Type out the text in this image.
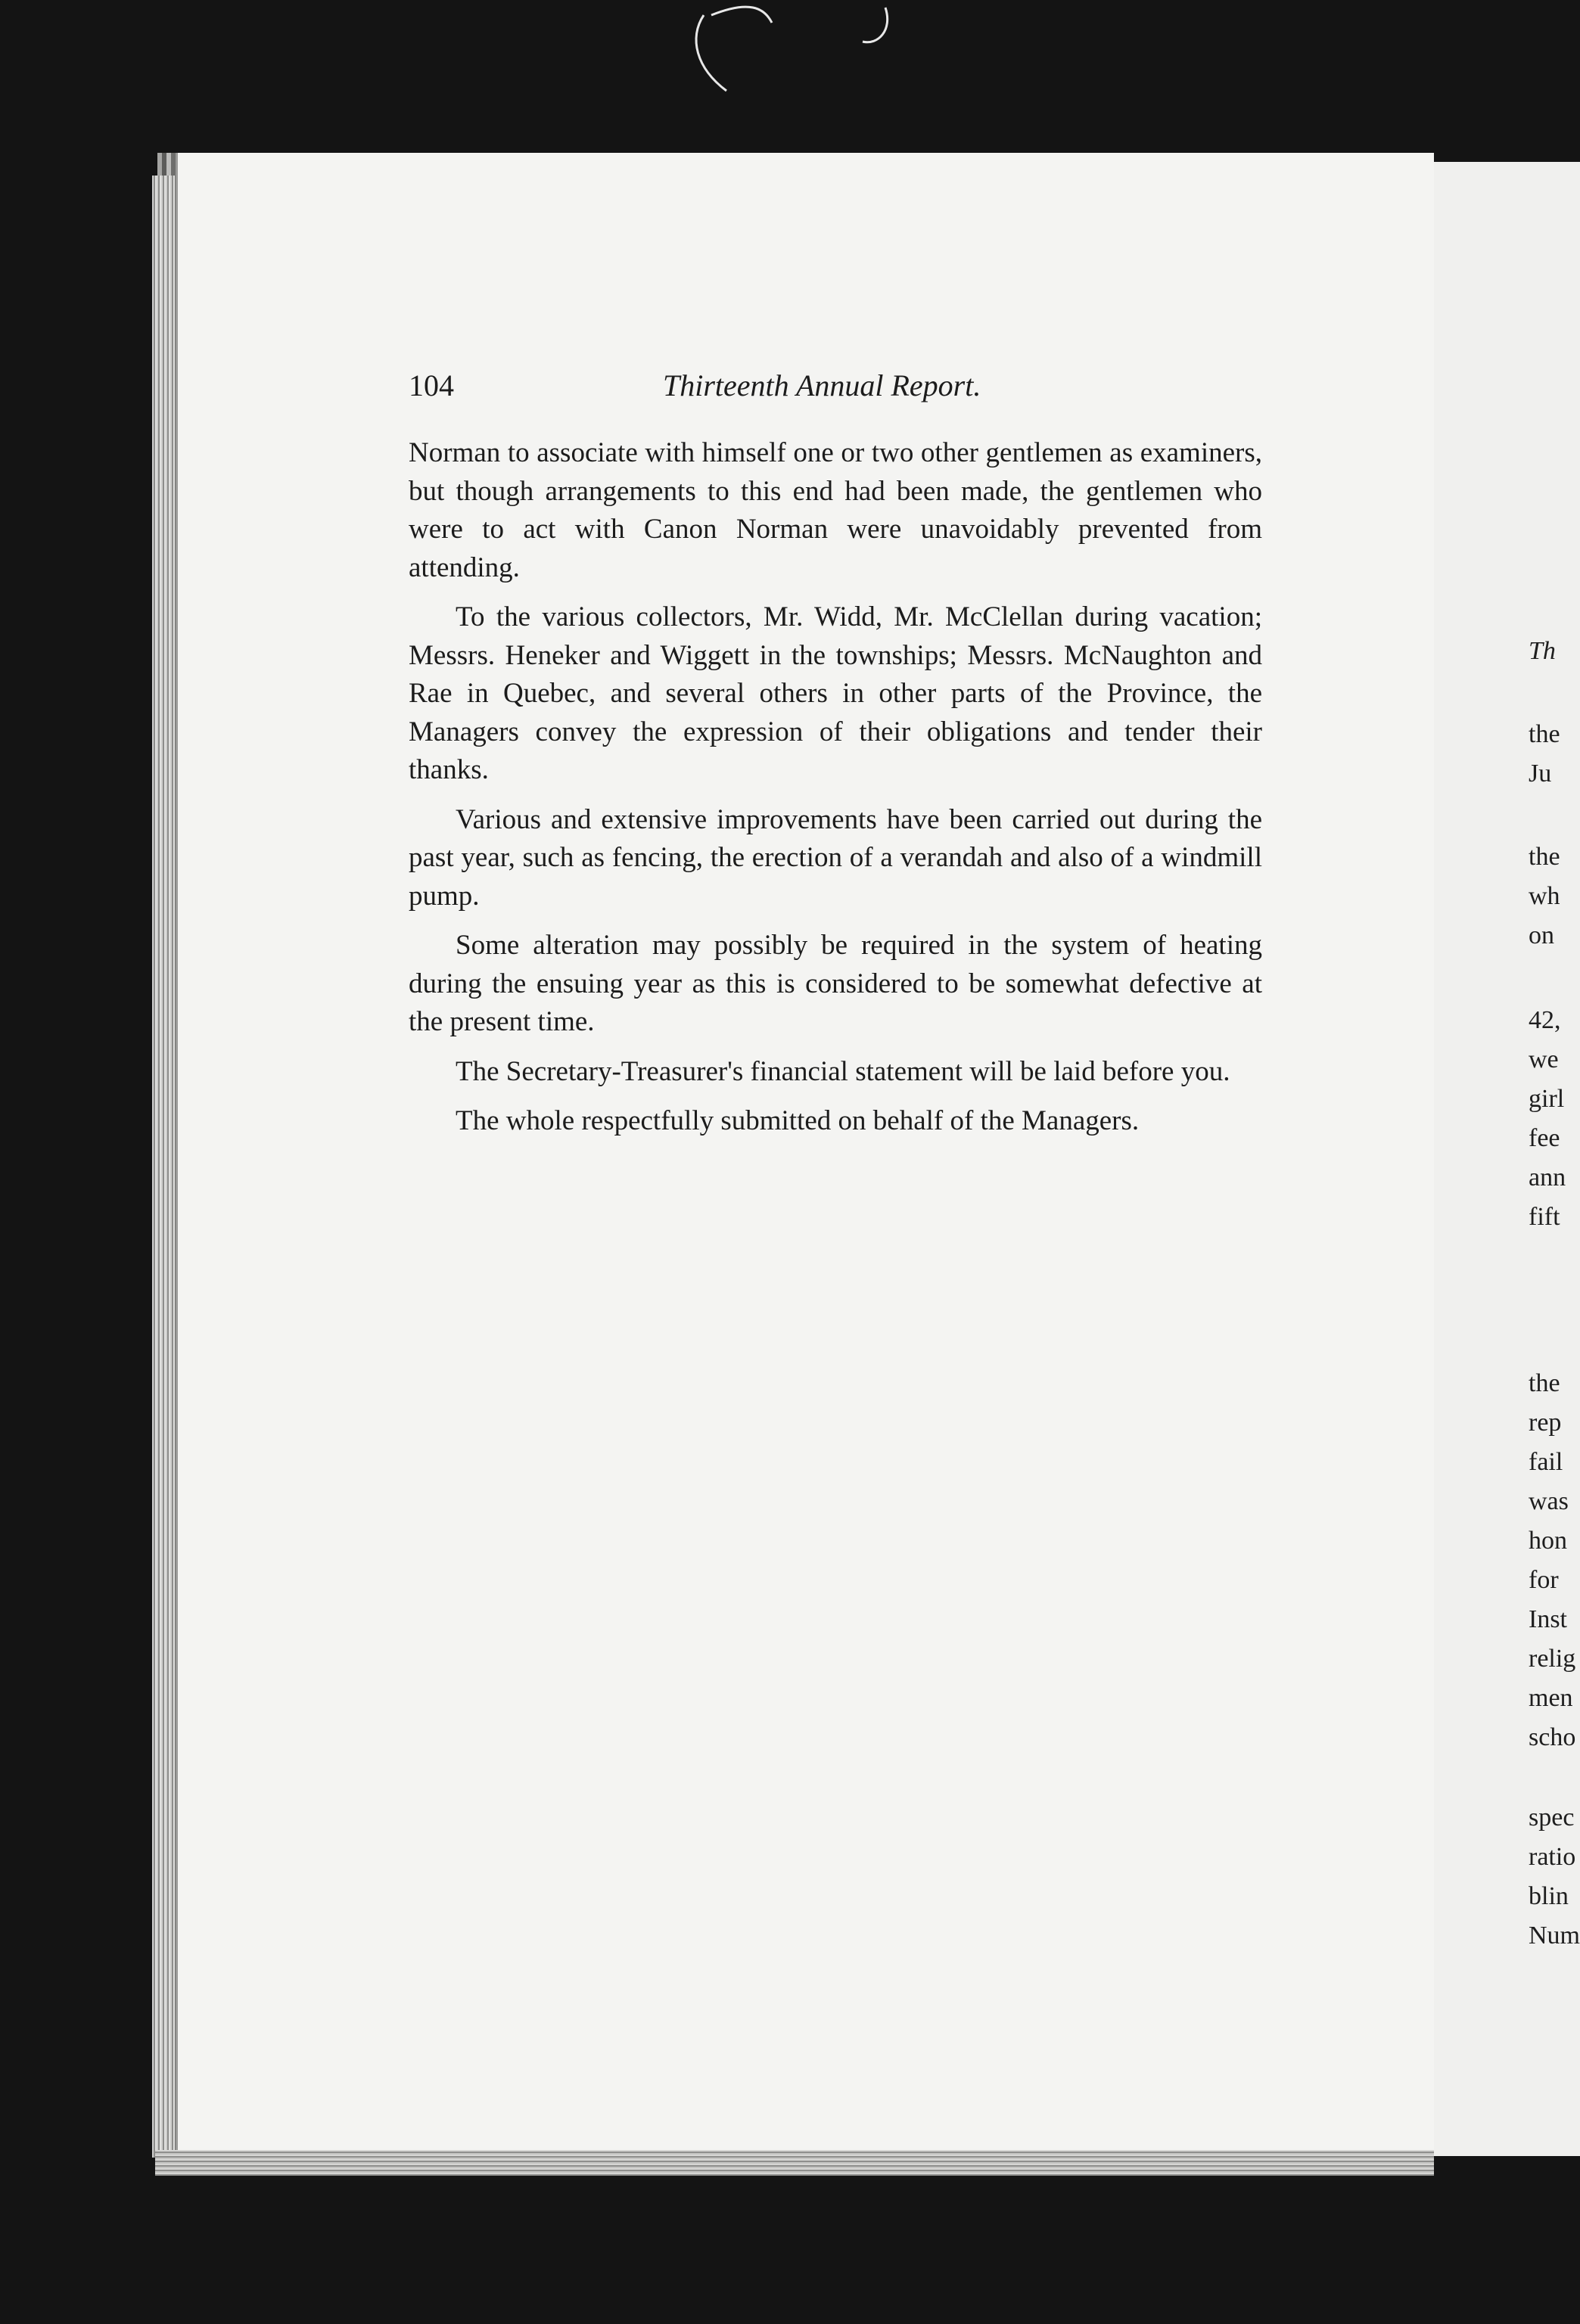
Th
the
Ju
the
wh
on
42,
we
girl
fee
ann
fift
the
rep
fail
was
hon
for
Inst
relig
men
scho
spec
ratio
blin
Num
104	Thirteenth Annual Report.

Norman to associate with himself one or two other gentlemen as examiners, but though arrangements to this end had been made, the gentlemen who were to act with Canon Norman were unavoidably prevented from attending.

To the various collectors, Mr. Widd, Mr. McClellan during vacation; Messrs. Heneker and Wiggett in the townships; Messrs. McNaughton and Rae in Quebec, and several others in other parts of the Province, the Managers convey the expression of their obligations and tender their thanks.

Various and extensive improvements have been carried out during the past year, such as fencing, the erection of a verandah and also of a windmill pump.

Some alteration may possibly be required in the system of heating during the ensuing year as this is considered to be somewhat defective at the present time.

The Secretary-Treasurer's financial statement will be laid before you.

The whole respectfully submitted on behalf of the Managers.
